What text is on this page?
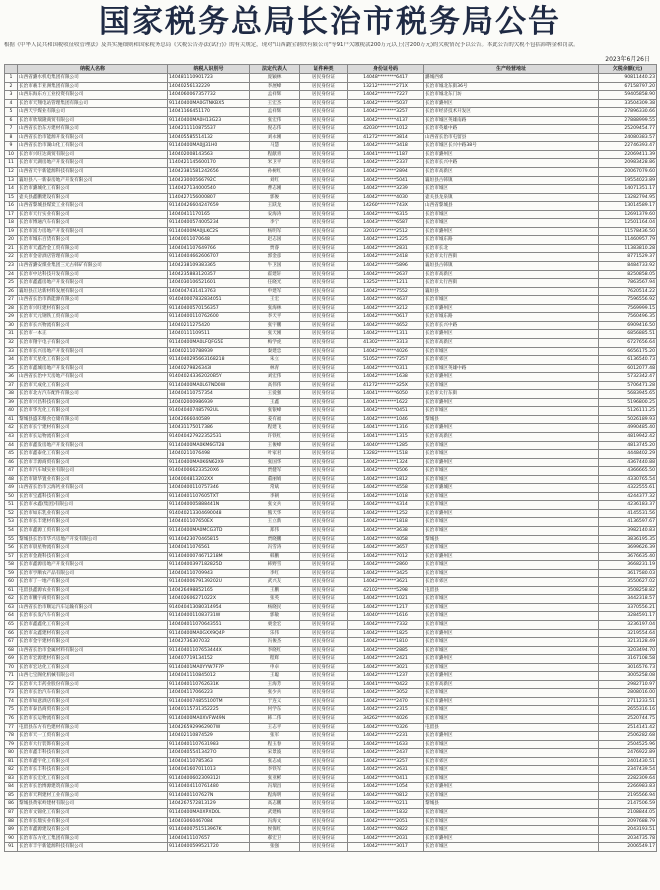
国家税务总局长治市税务局公告

根据《中华人民共和国税收征收管理法》及其实施细则和国家税务总局《欠税公告办法(试行)》的有关规定，现对"山西潞宝钢铁有限公司"等91户欠缴税款200万元以上(含200万元)的欠税情况予以公告。本此公告的欠税不包括滞纳金和罚款。

2023年6月26日
	纳税人名称	纳税人识别号	法定代表人	证件种类	身份证号码	生产经营地址	欠税余额(元)
1	山西省潞水机电集团有限公司	140481110901723	庞颖林	居民身份证	14048********6417	潞城西郊	90811440.23
2	长治市羲丰亚洲集团有限公司	14040256132229	李展峰	居民身份证	13212********271X	长治市城北东街36号	67158797.20
3	山西东海东方工业投资有限公司	1404060067357732	孟祥辉	居民身份证	14042********7227	长治市城北东门坊	59405858.90
4	长治市天翔电站管理集团有限公司	91140400MA0GTNKBX5	王宏杰	居民身份证	14042********5037	长治市潞州区	33504309.38
5	山西天宇煤业有限公司	14041166451170	孟祥辉	居民身份证	14042********3257	长治市经济技术开发区	27896330.66
6	长治市欣瑞隆商贸有限公司	91140400MA0H13G23	张宏伟	居民身份证	14042********4137	长治市城区英雄南路	27888999.55
7	山西省长治东方建材有限公司	1404211110875537	倪志伟	居民身份证	42030********1012	长治市英雄中路	25209454.77
8	山西省长治市能源开发有限公司	140405585514132	刘永刚	居民身份证	41272********3814	山西省长治市屯留县	24080383.57
9	山西省长治市湖山化工有限公司	91140400MA0JJ31H0	马慧	居民身份证	14042********3418	长治市城区长兴中路38号	22746393.47
10	长治市兴旺达商贸有限公司	140402008143563	程献青	居民身份证	14041********1187	长治市潞州区	22069411.39
11	长治市天湖房地产开发有限公司	1140421145600170	米卫平	居民身份证	14042********2337	长治市长兴中路	20983428.86
12	山西省天宇新能源科技有限公司	14042381581242656	孙树红	居民身份证	14042********2894	长治市高新区	20067079.60
13	襄垣县八一新泰房地产开发有限公司	140423000566792C	刘红	居民身份证	14042********5041	襄垣县古韩镇	19554023.89
14	长治市潞城化工有限公司	1140427134000540	曹志刚	居民身份证	14042********3239	长治市城区	14071351.17
15	壶关县鑫鹏建设有限公司	1140427156000807	郭俊	居民身份证	14042********4030	壶关县龙泉镇	13282794.95
16	山西省黎城县煤炭工业有限公司	91140426604247659	王跃龙	居民身份证	14260********743X	山西省黎城县	13014589.17
17	长治市天行实业有限公司	14040411170165	安海涛	居民身份证	14042********6315	长治市城区	12691379.60
18	长治市博通汽车有限公司	91140400574005234	李宁	居民身份证	14043********6587	长治市城区	12501164.04
19	长治市富力房地产开发有限公司	91140400MA0JLKC2S	杨明军	居民身份证	32010********2512	长治市潞州区	11578436.50
20	长治市城东百货有限公司	14040011070648	赵志国	居民身份证	14042********1225	长治市城东路	11460957.79
21	长治市天鑫冶金工贸有限公司	1404041107649766	贾睿	居民身份证	14042********2831	长治市长北	11383810.28
22	长治市金帝酒店管理有限公司	91140404662606707	郭金彦	居民身份证	14042********2418	长治市太行西街	8771529.37
23	山西省潞安煤业集团三元古韩矿有限公司	1404238109383365	牛卫国	居民身份证	14042********5896	襄垣县古韩镇	8484733.92
24	长治市中达科技开发有限公司	1404235883120357	霍建轩	居民身份证	14042********2637	长治市高新区	8250858.05
25	长治市鑫鑫房地产开发有限公司	1404030106521601	任晓光	居民身份证	13252********1211	长治市太行西街	7863567.94
26	襄垣县正达新材料发展有限公司	1404047431413763	申建军	居民身份证	14042********7552	襄垣县	7620514.22
27	山西省长治市新能源有限公司	914040007832834051	王宏	居民身份证	14042********4637	长治市城区	7596556.92
28	长治市兴旺建材有限公司	91140400570156357	张海林	居民身份证	14042********3212	长治市潞州区	7569999.15
29	长治市天元钢铁工贸有限公司	91140400110762600	李天平	居民身份证	14042********0617	长治市城东路	7560496.35
30	长治市长兴物流有限公司	14040211275420	张宇鹏	居民身份证	14042********4652	长治市长兴中路	6909416.50
31	长治市一本正	14040111109511	张天刚	居民身份证	14042********1311	长治市潞州区	6856885.51
32	长治市翔宇电子有限公司	91140400MA0LFQFG5E	梅学虎	居民身份证	41302********3313	长治市高新区	6727656.64
33	长治市长兴房地产开发有限公司	140402110788939	秦建忠	居民身份证	14042********4026	长治市城区	6656175.20
34	长治市天星化工有限公司	9114040295663168218	朱立	居民身份证	51052********7257	长治市郊区	6136540.73
35	长治市鑫城房地产开发有限公司	14040279826343I	林青	居民身份证	14042********0311	长治市城区英雄中路	6012077.48
36	山西省长治中天房地产有限公司	914040243362020B5Y	刘宏伟	居民身份证	14042********1638	长治市潞州区	5732342.47
37	长治市天成化工有限公司	91140400MA0L67ND0W	高伟伟	居民身份证	41272********325X	长治市城区	5706471.28
38	长治市北方汽车配件有限公司	140404110757354	王爱强	居民身份证	14041********6050	长治市太行东街	5683945.65
39	长治市兴昌科技有限公司	140402000986939	王鑫	居民身份证	14041********1622	长治市潞州区	5196800.25
40	长治市华光化工有限公司	914040407485792UL	张银峰	居民身份证	14042********0451	长治市城区	5126111.25
41	黎城县盛禾粮食仓储有限公司	14042666040589	姜有福	居民身份证	14042********1046	黎城县	5026189.93
42	长治市长宁建材有限公司	140431175017386	程建飞	居民身份证	14041********1316	长治市潞州区	4990485.40
43	长治市长运物流有限公司	914040427922352531	许铁红	居民身份证	14041********1315	长治市高新区	4819942.42
44	长治市鑫发房地产开发有限公司	91140400MA0KM6GT28	王俊峰	居民身份证	14040********1285	长治市城区	4813745.20
45	长治市鑫泰化工有限公司	14040211076498	叶家君	居民身份证	13282********1518	长治市城区	4448402.29
46	长治市丰源商贸有限公司	91140400MA0K6N62X9	张国华	居民身份证	14042********1324	长治市潞州区	4367440.88
47	长治市汽车城实业有限公司	914040066233520X6	贾健军	居民身份证	14042********0506	长治市城区	4366665.50
48	长治市锦华置业有限公司	1404004813202XX	董丽娟	居民身份证	14042********1812	长治市城区	4330765.54
49	山西省长治市云海钙业有限公司	14040400110757346	常斌	居民身份证	14042********4558	长治市潞城区	4322555.61
50	长治市宝鑫科技有限公司	91140401107605TXT	李朝	居民身份证	14042********1018	长治市城区	4244377.32
51	长治市永鑫(集团)有限公司	9114040005888441N	张文兵	居民身份证	14042********4314	长治市城区	4236183.37
52	长治市如东乳业有限公司	914040213304690048	熊天华	居民身份证	14042********1252	长治市潞州区	4145531.56
53	长治市长丰建材有限公司	1404401107650EX	王立新	居民身份证	14042********1818	长治市城区	4136597.67
54	长治市鑫源工贸有限公司	91140400MA0MCG3TD	郑伟	居民身份证	14042********3638	长治市城区	3982140.83
55	黎城县长治市华兴房地产开发有限公司	91140423070465815	贾晓鹏	居民身份证	14042********4058	黎城县	3836195.35
56	长治市晨星物流有限公司	14040411076561	冯雪涛	居民身份证	14042********3657	长治市城区	3699626.39
57	长治市金鹿科技有限公司	91140400074671218M	韩鹏	居民身份证	14042********7012	长治市潞州区	3676635.40
58	长治市鑫源房地产开发有限公司	91140400397182825D	韩野雪	居民身份证	14042********2860	长治市城区	3668231.19
59	长治市亨顺农产品有限公司	140404110709943	李红	居民身份证	14042********3425	长治市城区	3617580.03
60	长治市丁一地产有限公司	91140400679139202U	武兴友	居民身份证	14042********3621	长治市郊区	3550627.02
61	屯留县鑫源农业有限公司	140426498852165	王鹏	居民身份证	42102********5298	屯留县	3508258.82
62	长治市鹏宇商贸有限公司	140402606271022X	张英	居民身份证	14042********1021	长治市城区	3442318.57
63	山西省长治市顺运汽车运输有限公司	914040413080314954	杨晓民	居民身份证	14042********1217	长治市城区	3370556.21
64	长治市长发汽车有限公司	9114040011083731W	郭敏	居民身份证	14040********1616	长治市城区	3284591.17
65	长治市鑫鑫化工有限公司	140404011070643551	栗金宏	居民身份证	14042********7332	长治市城区	3236197.04
66	长治市众鑫建材有限公司	91140400MA0GXX9Q4P	乐伟	居民身份证	14042********1825	长治市潞州区	3219554.64
67	长治市金宇建材有限公司	14042736307032	冯俊杰	居民身份证	14042********1810	长治市城区	3213128.49
68	山西省长治市金属材料有限公司	91140401107653444X	李晓红	居民身份证	14042********2885	长治市城区	3203494.70
69	长治市宏源建材有限公司	140407719134152	程辉	居民身份证	14042********2421	长治市潞州区	3167108.58
70	长治市宏达化工有限公司	91140401MA0YYW7F7P	申卓	居民身份证	14042********3021	长治市城区	3016576.73
71	山西七宝阁化机械有限公司	1404041110845012	王聪	居民身份证	14042********1237	长治市潞州区	3005258.08
72	长治市大丰药业股份有限公司	9114040110762631K	王海芳	居民身份证	14041********0422	长治市高新区	2982710.97
73	长治市长治汽车有限公司	140404117066223	张少兵	居民身份证	14042********3052	长治市城区	2808016.00
74	长治市如意酒店有限公司	9114040074855100TM	于连义	居民身份证	14042********2470	长治市潞州区	2711233.51
75	长治市泰昌商贸有限公司	14040115731352225	何学东	居民身份证	14042********2315	长治市城区	2655316.16
76	长治市长运物流有限公司	91140400MA0XVFW49N	韩二伟	居民身份证	34262********4026	长治市城区	2520744.75
77	屯留县东方有色建材有限公司	1404265929962907W	王志平	居民身份证	14042********0326	屯留县	2514141.42
78	长治市天一工贸有限公司	140402110874529	张军	居民身份证	14042********2231	长治市潞州区	2506282.68
79	长治市大行装饰有限公司	91140401107631983	程玉春	居民身份证	14042********1633	长治市城区	2504525.96
80	长治市鑫丰科技有限公司	140404055413427O	宋景波	居民身份证	14042********2437	长治市城区	2476922.89
81	长治市鑫宇化工有限公司	140404110785363	张志成	居民身份证	14042********3257	长治市郊区	2401430.51
82	长治市长丰科技有限公司	1404041607011013	李铁军	居民身份证	14042********2631	长治市城区	2347439.54
83	长治市长宏化工有限公司	91140400602309312I	张亚彬	居民身份证	14042********0411	长治市城区	2282309.64
84	长治市长治博源建筑有限公司	91140404110761480	冯瑞昌	居民身份证	14042********1054	长治市潞州区	2266983.83
85	长治市天利建材工业有限公司	91140401107627N	程海明	居民身份证	14042********0812	长治市城区	2195566.94
86	黎城县黄家岭建材有限公司	1404267572813129	高志鹏	居民身份证	14042********0211	黎城县	2147506.59
87	长治市文锦化工有限公司	91140400MA0XPXD0L	武建梅	居民身份证	14042********1832	长治市城区	2108844.05
88	长治市长鼎实业有限公司	140403060467084	冯海文	居民身份证	14042********2051	长治市城区	2097688.79
89	长治市鑫源建设有限公司	91140400751513967K	侯保红	居民身份证	14042********0822	长治市城区	2043193.51
90	长治市东方化工集团有限公司	14040411107657	郝宏卫	居民身份证	14042********2031	长治市潞州区	2034735.78
91	长治市丰宇新能源科技有限公司	91140400599521720	张强	居民身份证	14042********3017	长治市城区	2006549.17
